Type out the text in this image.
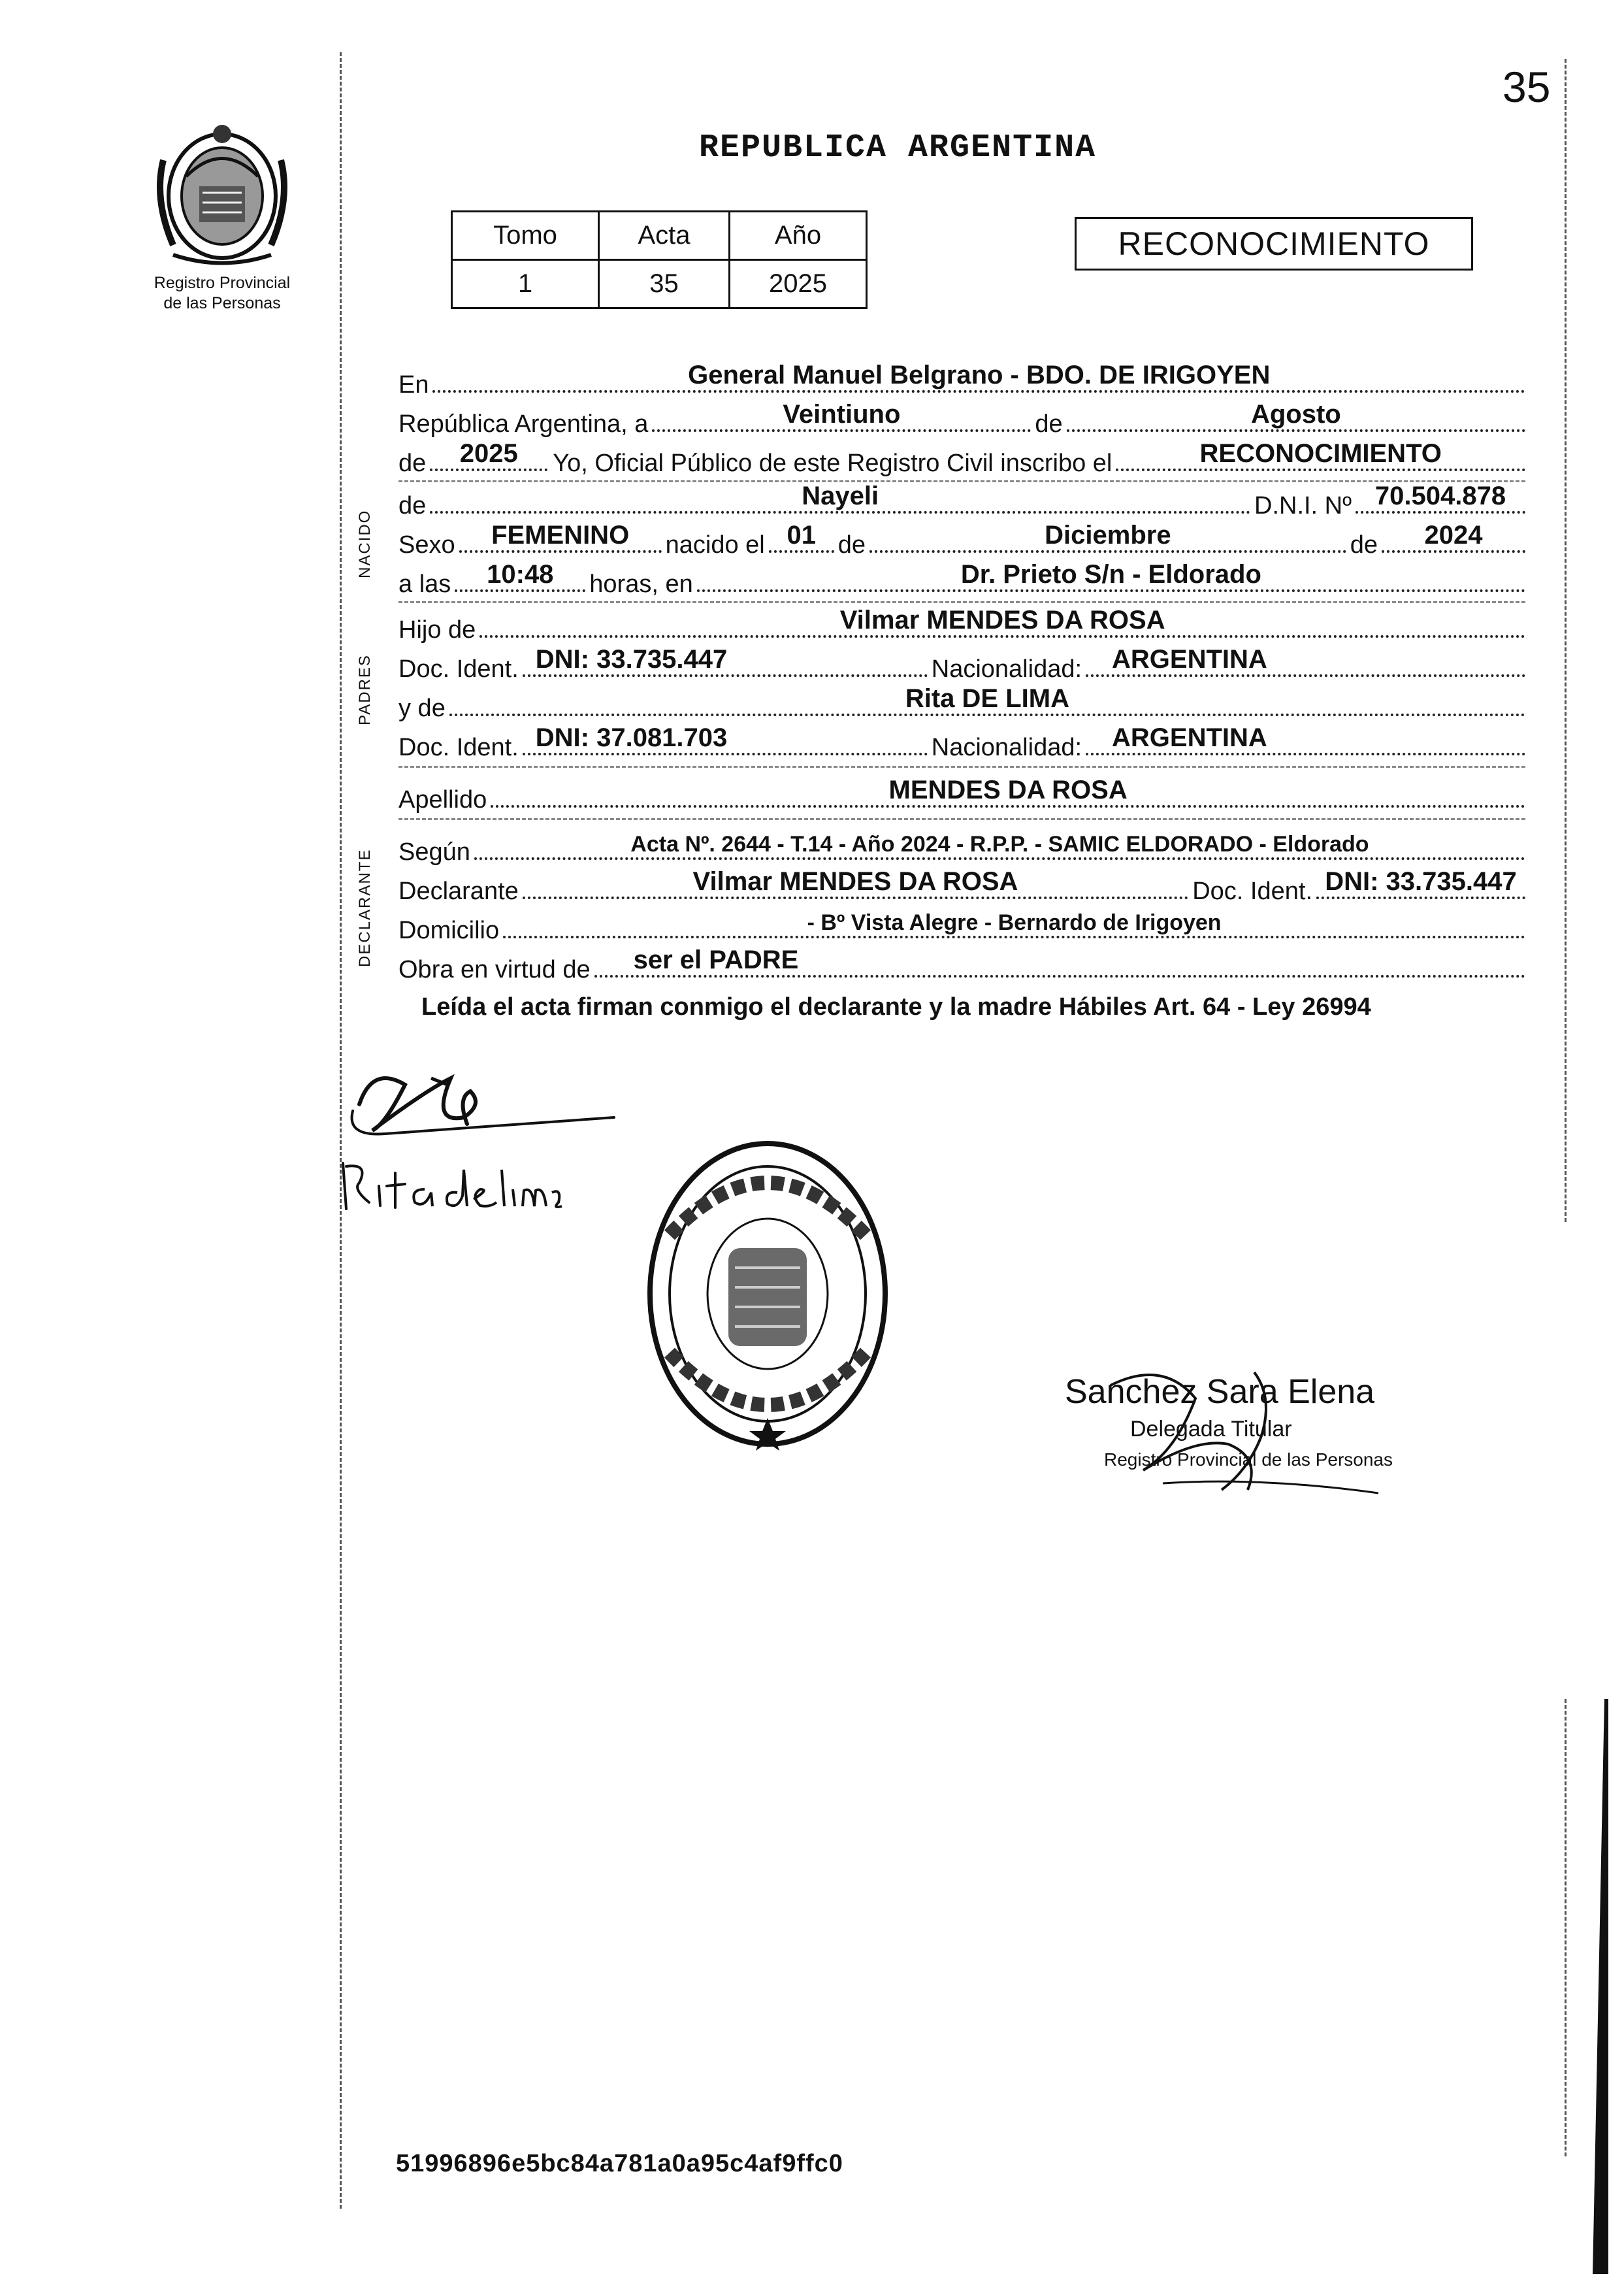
35
Registro Provincial
de las Personas
REPUBLICA ARGENTINA
Tomo	Acta	Año
1	35	2025
RECONOCIMIENTO
En	General Manuel Belgrano - BDO. DE IRIGOYEN
República Argentina, a	Veintiuno	de	Agosto
de	2025	Yo, Oficial Público de este Registro Civil inscribo el	RECONOCIMIENTO
NACIDO
de	Nayeli	D.N.I. Nº 70.504.878
Sexo	FEMENINO	nacido el 01 de	Diciembre	de	2024
a las	10:48	horas, en	Dr. Prieto S/n - Eldorado
PADRES
Hijo de	Vilmar MENDES DA ROSA
Doc. Ident. DNI: 33.735.447	Nacionalidad:	ARGENTINA
y de	Rita DE LIMA
Doc. Ident. DNI: 37.081.703	Nacionalidad:	ARGENTINA
Apellido	MENDES DA ROSA
DECLARANTE Según	Acta Nº. 2644 - T.14 - Año 2024 - R.P.P. - SAMIC ELDORADO - Eldorado
Declarante	Vilmar MENDES DA ROSA	Doc. Ident. DNI: 33.735.447
Domicilio	- Bº Vista Alegre - Bernardo de Irigoyen
Obra en virtud de	ser el PADRE
Leída el acta firman conmigo el declarante y la madre Hábiles Art. 64 - Ley 26994
Sanchez Sara Elena
Delegada Titular
Registro Provincial de las Personas
51996896e5bc84a781a0a95c4af9ffc0
